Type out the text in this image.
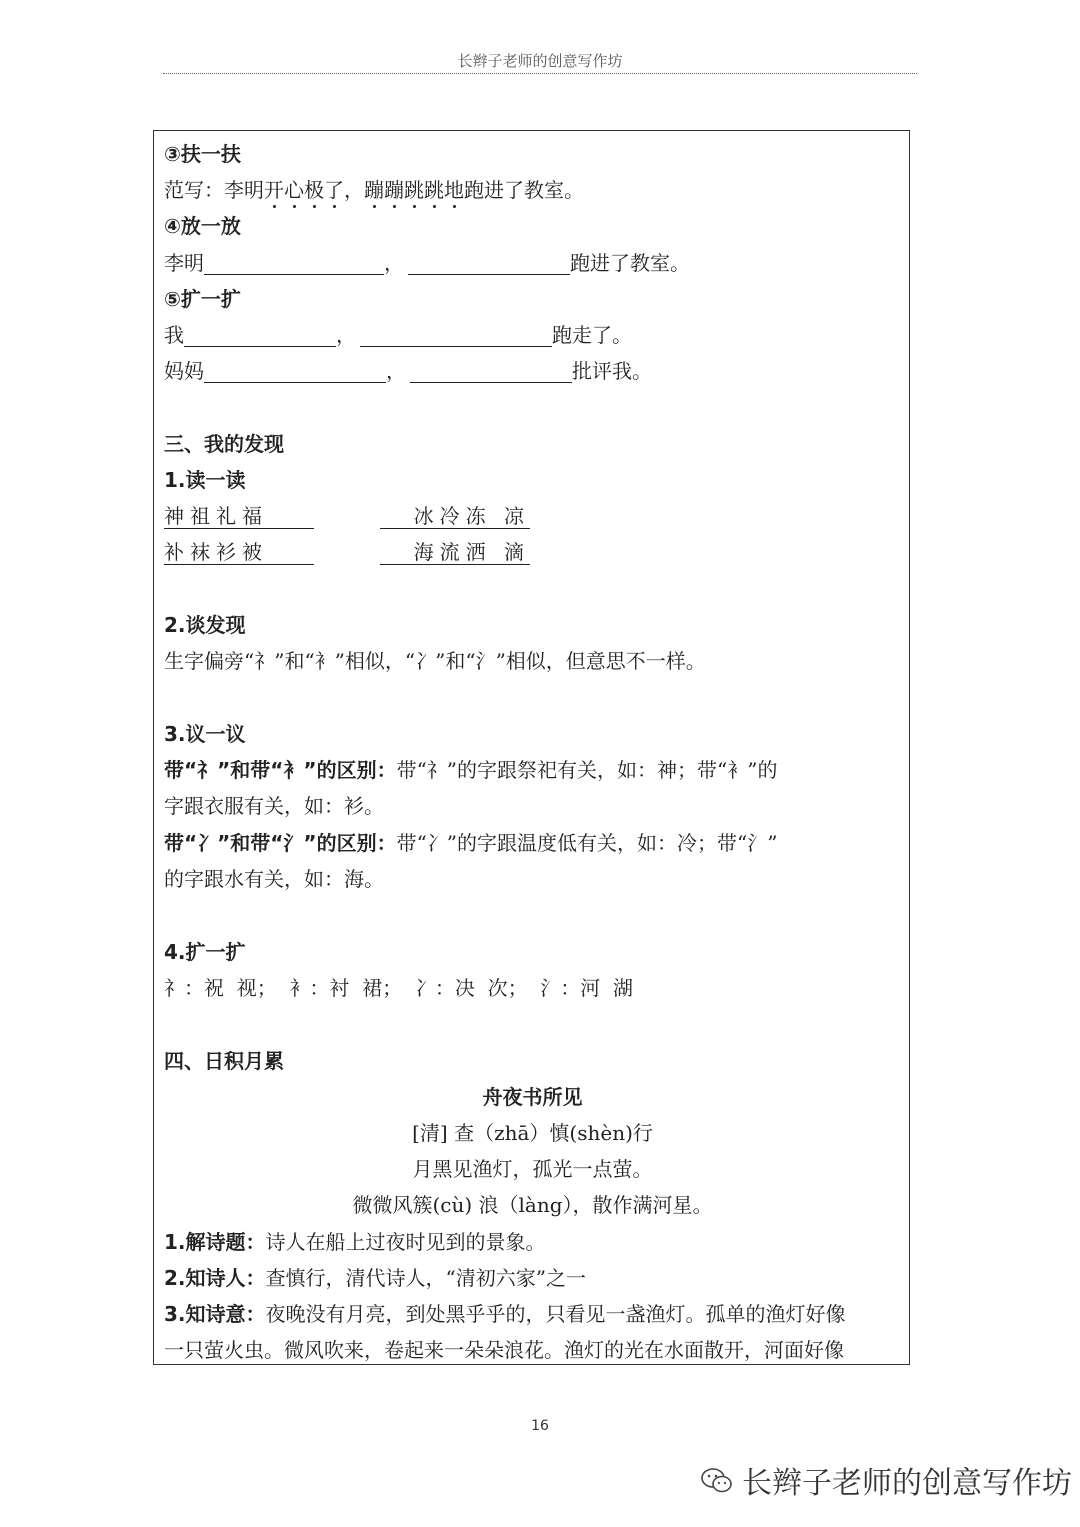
长辫子老师的创意写作坊
③扶一扶
范写：李明开心极了，蹦蹦跳跳地跑进了教室。
④放一放
李明	，	跑进了教室。
⑤扩一扩
我	，	跑走了。
妈妈	，	批评我。
三、我的发现
1.读一读
神祖礼福	冰冷冻 凉
补袜衫被	海流洒 滴
2.谈发现
生字偏旁“礻”和“衤”相似，“冫”和“氵”相似，但意思不一样。
3.议一议
带“礻”和带“衤”的区别：带“礻”的字跟祭祀有关，如：神；带“衤”的
字跟衣服有关，如：衫。
带“冫”和带“氵”的区别：带“冫”的字跟温度低有关，如：冷；带“氵”
的字跟水有关，如：海。
4.扩一扩
礻：祝  视；  衤：衬  裙；  冫：决  次；  氵：河  湖
四、日积月累
舟夜书所见
[清] 查（zhā）慎(shèn)行
月黑见渔灯，孤光一点萤。
微微风簇(cù) 浪（làng），散作满河星。
1.解诗题：诗人在船上过夜时见到的景象。
2.知诗人：查慎行，清代诗人，“清初六家”之一
3.知诗意：夜晚没有月亮，到处黑乎乎的，只看见一盏渔灯。孤单的渔灯好像
一只萤火虫。微风吹来，卷起来一朵朵浪花。渔灯的光在水面散开，河面好像
16
长辫子老师的创意写作坊
